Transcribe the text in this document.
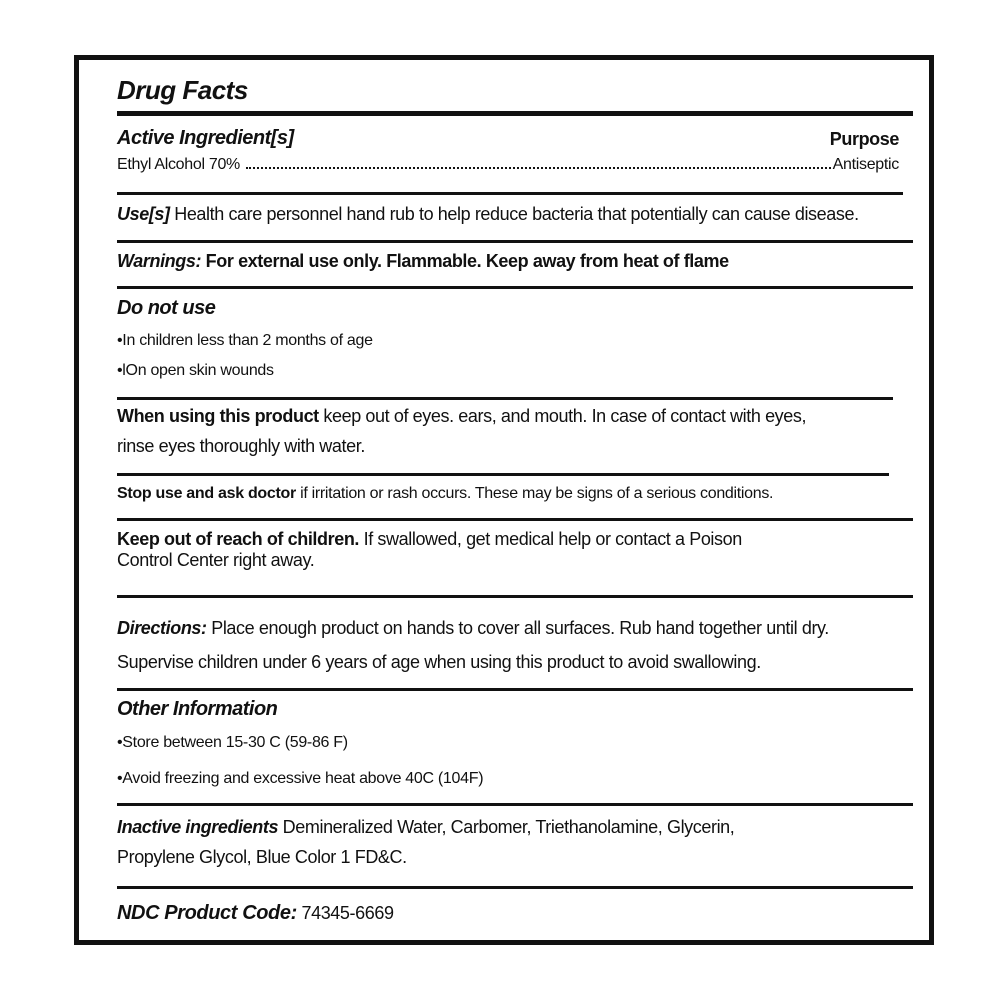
Drug Facts
Active Ingredient[s]	Purpose
Ethyl Alcohol 70%	Antiseptic
Use[s] Health care personnel hand rub to help reduce bacteria that potentially can cause disease.
Warnings: For external use only. Flammable. Keep away from heat of flame
Do not use
•In children less than 2 months of age
•lOn open skin wounds
When using this product keep out of eyes. ears, and mouth. In case of contact with eyes,
rinse eyes thoroughly with water.
Stop use and ask doctor if irritation or rash occurs. These may be signs of a serious conditions.
Keep out of reach of children. If swallowed, get medical help or contact a Poison
Control Center right away.
Directions: Place enough product on hands to cover all surfaces. Rub hand together until dry.
Supervise children under 6 years of age when using this product to avoid swallowing.
Other Information
•Store between 15-30 C (59-86 F)
•Avoid freezing and excessive heat above 40C (104F)
Inactive ingredients Demineralized Water, Carbomer, Triethanolamine, Glycerin,
Propylene Glycol, Blue Color 1 FD&C.
NDC Product Code: 74345-6669
